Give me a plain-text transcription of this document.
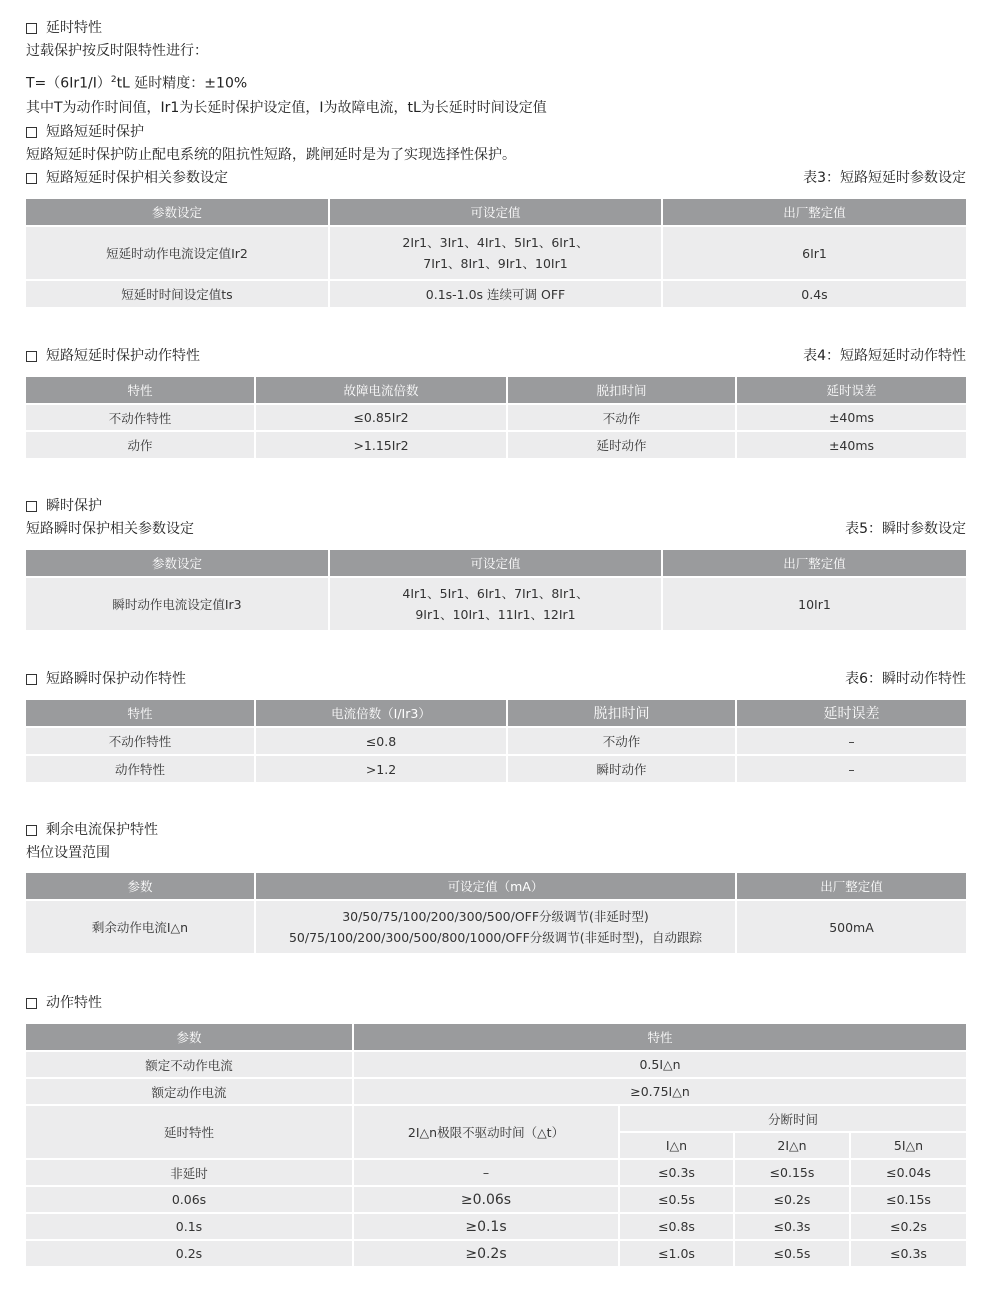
延时特性
过载保护按反时限特性进行：
$T=(6Ir1/I)^2tL$ 延时精度：±10%
其中T为动作时间值，Ir1为长延时保护设定值，I为故障电流，tL为长延时时间设定值
短路短延时保护
短路短延时保护防止配电系统的阻抗性短路，跳闸延时是为了实现选择性保护。
短路短延时保护相关参数设定	表3：短路短延时参数设定
参数设定	可设定值	出厂整定值
短延时动作电流设定值Ir2	2Ir1、3Ir1、4Ir1、5Ir1、6Ir1、
7Ir1、8Ir1、9Ir1、10Ir1	6Ir1
短延时时间设定值ts	0.1s-1.0s 连续可调 OFF	0.4s
短路短延时保护动作特性	表4：短路短延时动作特性
特性	故障电流倍数	脱扣时间	延时误差
不动作特性	≤0.85Ir2	不动作	±40ms
动作	>1.15Ir2	延时动作	±40ms
瞬时保护
短路瞬时保护相关参数设定	表5：瞬时参数设定
参数设定	可设定值	出厂整定值
瞬时动作电流设定值Ir3	4Ir1、5Ir1、6Ir1、7Ir1、8Ir1、
9Ir1、10Ir1、11Ir1、12Ir1	10Ir1
短路瞬时保护动作特性	表6：瞬时动作特性
特性	电流倍数（I/Ir3）	脱扣时间	延时误差
不动作特性	≤0.8	不动作	–
动作特性	>1.2	瞬时动作	–
剩余电流保护特性
档位设置范围
参数	可设定值（mA）	出厂整定值
剩余动作电流I△n	30/50/75/100/200/300/500/OFF分级调节(非延时型)
50/75/100/200/300/500/800/1000/OFF分级调节(非延时型)，自动跟踪	500mA
动作特性
参数	特性			
额定不动作电流	0.5I△n			
额定动作电流	≥0.75I△n			
延时特性	2I△n极限不驱动时间（△t）	分断时间		
		I△n	2I△n	5I△n
非延时	–	≤0.3s	≤0.15s	≤0.04s
0.06s	≥0.06s	≤0.5s	≤0.2s	≤0.15s
0.1s	≥0.1s	≤0.8s	≤0.3s	≤0.2s
0.2s	≥0.2s	≤1.0s	≤0.5s	≤0.3s
